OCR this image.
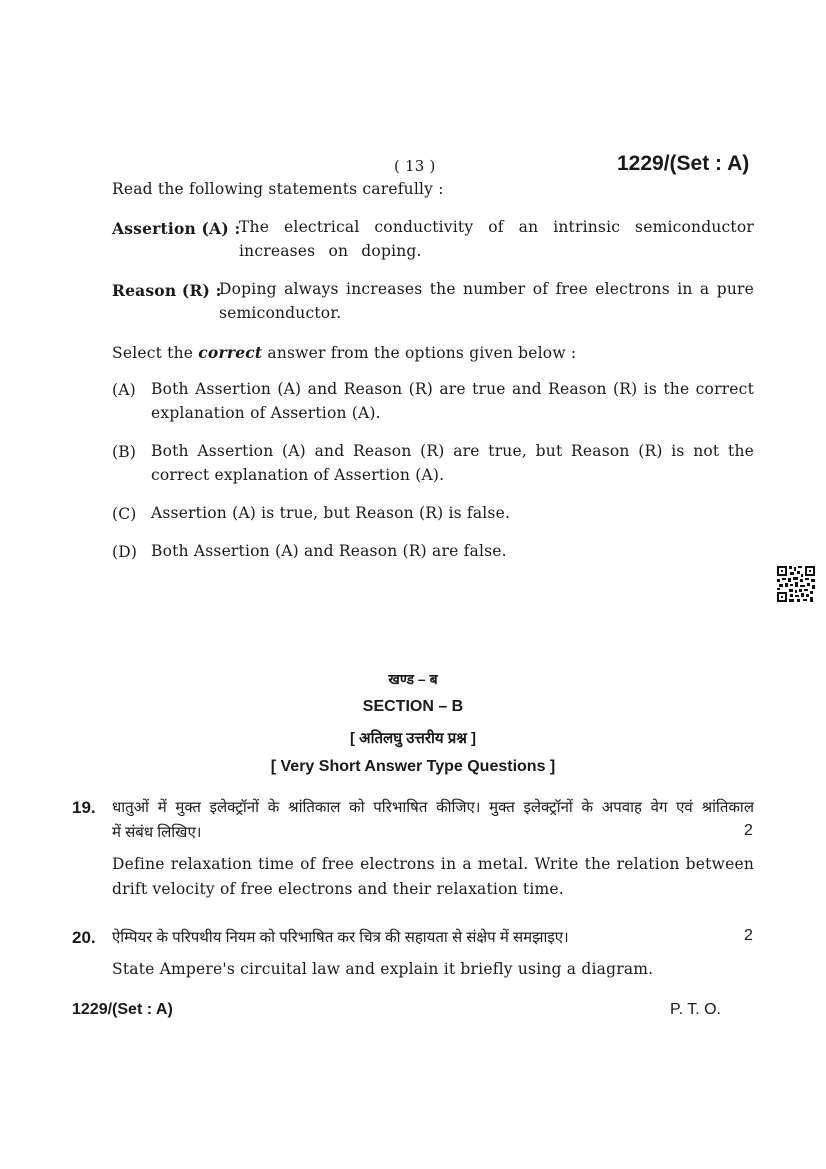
( 13 )	1229/(Set : A)
Read the following statements carefully :
Assertion (A) :
The electrical conductivity of an intrinsic semiconductor increases on doping.
Reason (R) :
Doping always increases the number of free electrons in a pure semiconductor.
Select the correct answer from the options given below :
(A) Both Assertion (A) and Reason (R) are true and Reason (R) is the correct explanation of Assertion (A).
(B) Both Assertion (A) and Reason (R) are true, but Reason (R) is not the correct explanation of Assertion (A).
(C) Assertion (A) is true, but Reason (R) is false.
(D) Both Assertion (A) and Reason (R) are false.
खण्ड – ब
SECTION – B
[ अतिलघु उत्तरीय प्रश्न ]
[ Very Short Answer Type Questions ]
19. धातुओं में मुक्त इलेक्ट्रॉनों के श्रांतिकाल को परिभाषित कीजिए। मुक्त इलेक्ट्रॉनों के अपवाह वेग एवं श्रांतिकाल
में संबंध लिखिए।	2
Define relaxation time of free electrons in a metal. Write the relation between drift velocity of free electrons and their relaxation time.
20. ऐम्पियर के परिपथीय नियम को परिभाषित कर चित्र की सहायता से संक्षेप में समझाइए।	2
State Ampere's circuital law and explain it briefly using a diagram.
1229/(Set : A)	P. T. O.
